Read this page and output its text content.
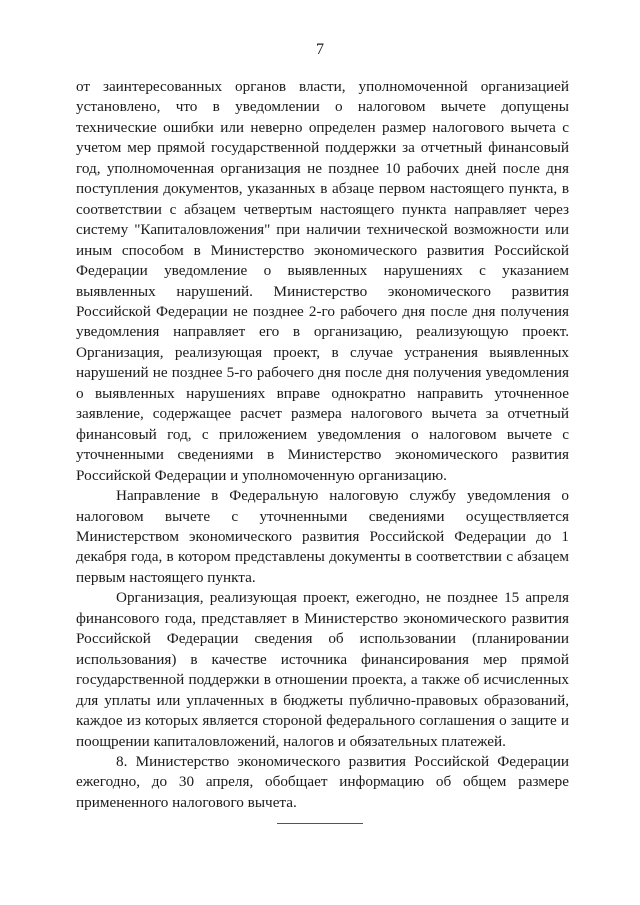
7

от заинтересованных органов власти, уполномоченной организацией установлено, что в уведомлении о налоговом вычете допущены технические ошибки или неверно определен размер налогового вычета с учетом мер прямой государственной поддержки за отчетный финансовый год, уполномоченная организация не позднее 10 рабочих дней после дня поступления документов, указанных в абзаце первом настоящего пункта, в соответствии с абзацем четвертым настоящего пункта направляет через систему "Капиталовложения" при наличии технической возможности или иным способом в Министерство экономического развития Российской Федерации уведомление о выявленных нарушениях с указанием выявленных нарушений. Министерство экономического развития Российской Федерации не позднее 2-го рабочего дня после дня получения уведомления направляет его в организацию, реализующую проект. Организация, реализующая проект, в случае устранения выявленных нарушений не позднее 5-го рабочего дня после дня получения уведомления о выявленных нарушениях вправе однократно направить уточненное заявление, содержащее расчет размера налогового вычета за отчетный финансовый год, с приложением уведомления о налоговом вычете с уточненными сведениями в Министерство экономического развития Российской Федерации и уполномоченную организацию.

Направление в Федеральную налоговую службу уведомления о налоговом вычете с уточненными сведениями осуществляется Министерством экономического развития Российской Федерации до 1 декабря года, в котором представлены документы в соответствии с абзацем первым настоящего пункта.

Организация, реализующая проект, ежегодно, не позднее 15 апреля финансового года, представляет в Министерство экономического развития Российской Федерации сведения об использовании (планировании использования) в качестве источника финансирования мер прямой государственной поддержки в отношении проекта, а также об исчисленных для уплаты или уплаченных в бюджеты публично-правовых образований, каждое из которых является стороной федерального соглашения о защите и поощрении капиталовложений, налогов и обязательных платежей.

8. Министерство экономического развития Российской Федерации ежегодно, до 30 апреля, обобщает информацию об общем размере примененного налогового вычета.
